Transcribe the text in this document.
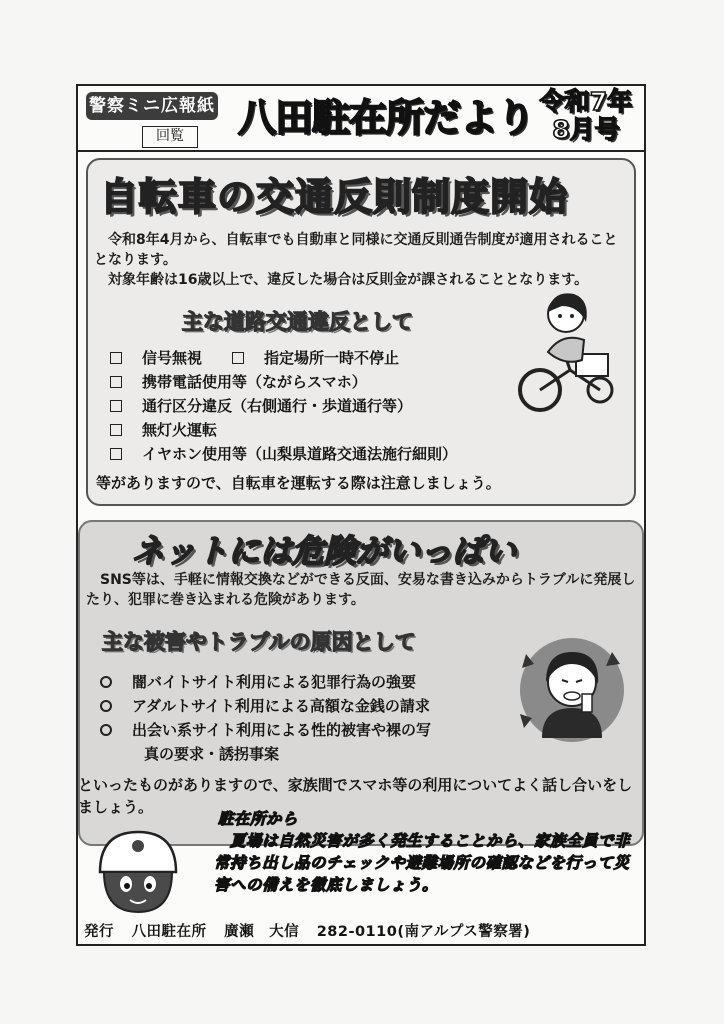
警察ミニ広報紙
回覧	八田駐在所だより 令和7年
8月号
自転車の交通反則制度開始
　令和8年4月から、自転車でも自動車と同様に交通反則通告制度が適用されることとなります。
　対象年齢は16歳以上で、違反した場合は反則金が課されることとなります。
主な道路交通違反として
信号無視	指定場所一時不停止
携帯電話使用等（ながらスマホ）
通行区分違反（右側通行・歩道通行等）
無灯火運転
イヤホン使用等（山梨県道路交通法施行細則）
等がありますので、自転車を運転する際は注意しましょう。
ネットには危険がいっぱい
　SNS等は、手軽に情報交換などができる反面、安易な書き込みからトラブルに発展したり、犯罪に巻き込まれる危険があります。
主な被害やトラブルの原因として
闇バイトサイト利用による犯罪行為の強要
アダルトサイト利用による高額な金銭の請求
出会い系サイト利用による性的被害や裸の写
真の要求・誘拐事案
といったものがありますので、家族間でスマホ等の利用についてよく話し合いをしましょう。
駐在所から
　夏場は自然災害が多く発生することから、家族全員で非常持ち出し品のチェックや避難場所の確認などを行って災害への備えを徹底しましょう。
発行 八田駐在所 廣瀬　大信 282-0110(南アルプス警察署)
